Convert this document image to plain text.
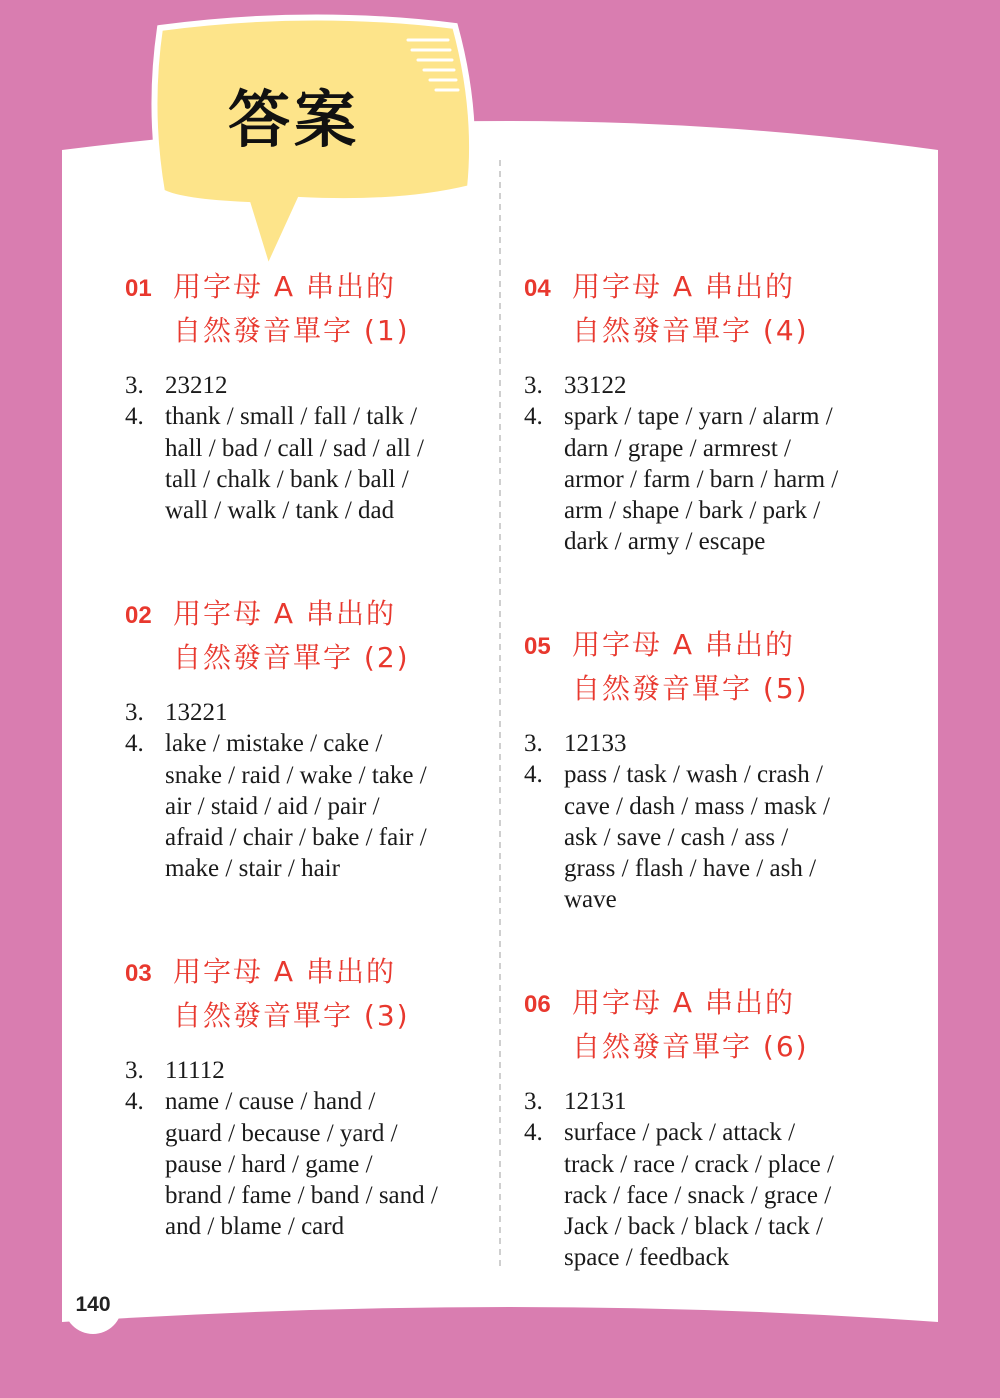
答案
01 用字母 A 串出的
自然發音單字 (1)
3. 23212
4. thank / small / fall / talk /
hall / bad / call / sad / all /
tall / chalk / bank / ball /
wall / walk / tank / dad
02 用字母 A 串出的
自然發音單字 (2)
3. 13221
4. lake / mistake / cake /
snake / raid / wake / take /
air / staid / aid / pair /
afraid / chair / bake / fair /
make / stair / hair
03 用字母 A 串出的
自然發音單字 (3)
3. 11112
4. name / cause / hand /
guard / because / yard /
pause / hard / game /
brand / fame / band / sand /
and / blame / card
04 用字母 A 串出的
自然發音單字 (4)
3. 33122
4. spark / tape / yarn / alarm /
darn / grape / armrest /
armor / farm / barn / harm /
arm / shape / bark / park /
dark / army / escape
05 用字母 A 串出的
自然發音單字 (5)
3. 12133
4. pass / task / wash / crash /
cave / dash / mass / mask /
ask / save / cash / ass /
grass / flash / have / ash /
wave
06 用字母 A 串出的
自然發音單字 (6)
3. 12131
4. surface / pack / attack /
track / race / crack / place /
rack / face / snack / grace /
Jack / back / black / tack /
space / feedback
140
